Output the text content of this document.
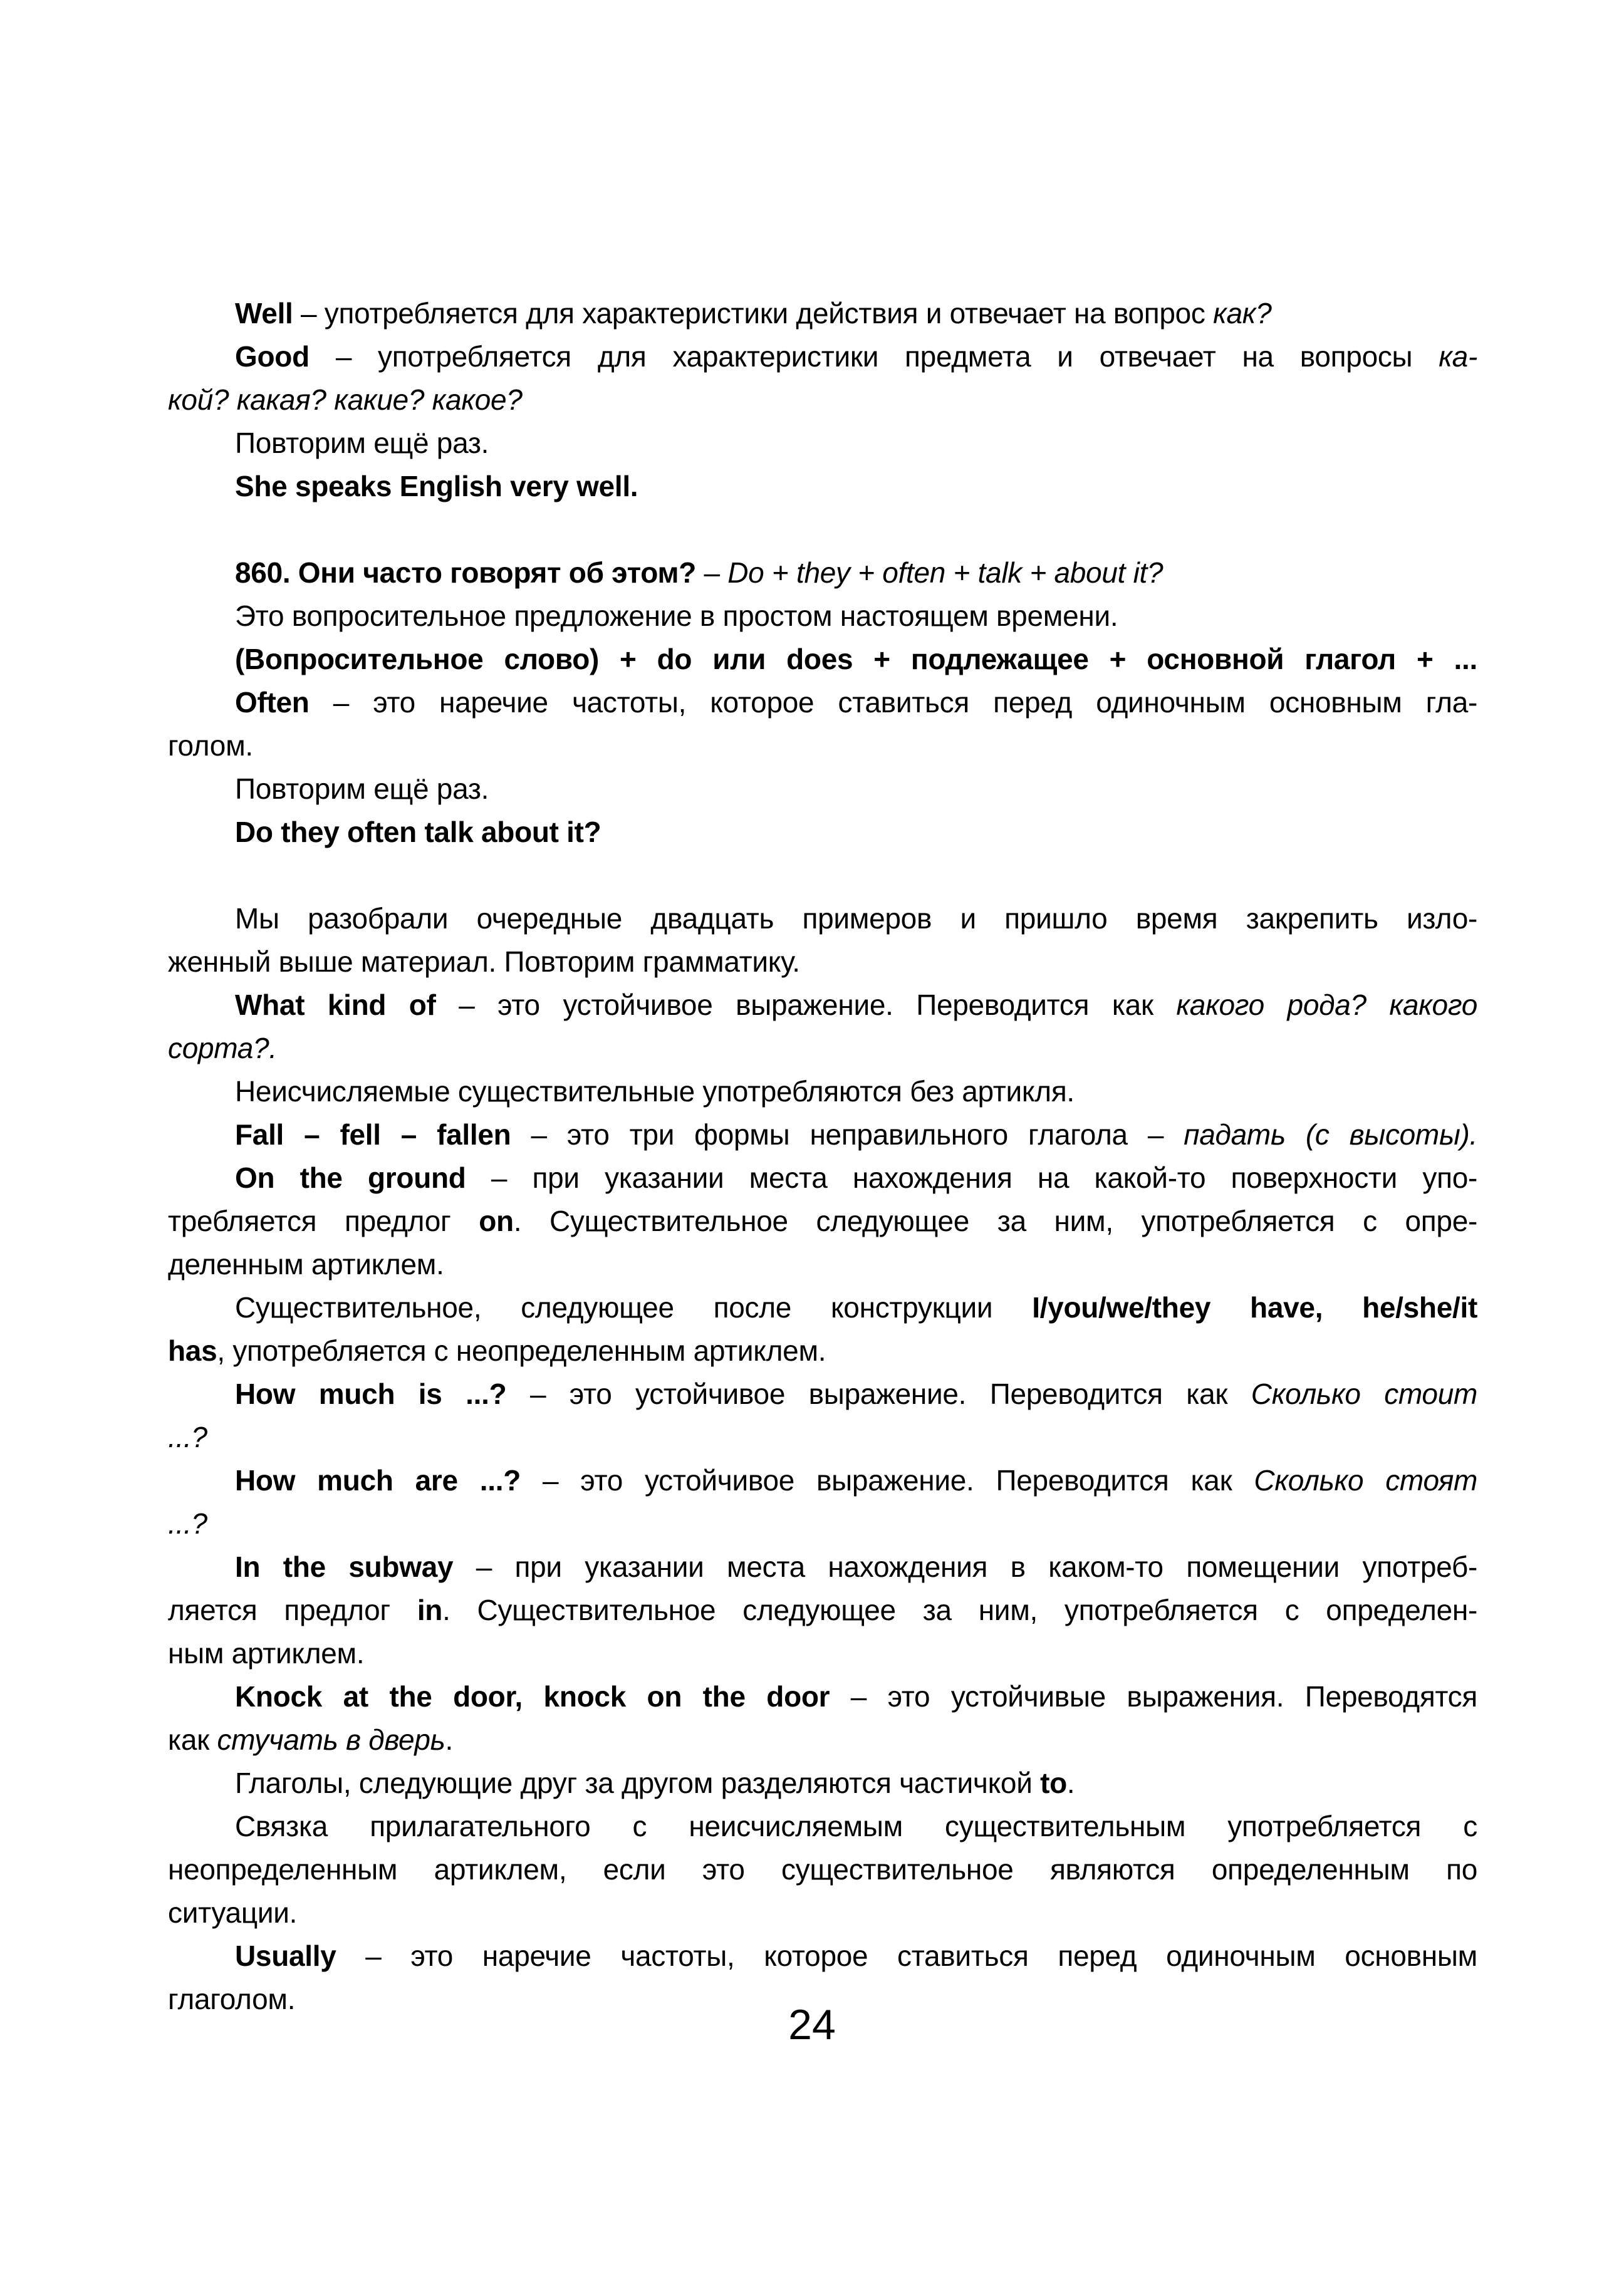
Well – употребляется для характеристики действия и отвечает на вопрос как?
Good – употребляется для характеристики предмета и отвечает на вопросы ка-
кой? какая? какие? какое?
Повторим ещё раз.
She speaks English very well.
860. Они часто говорят об этом? – Do + they + often + talk + about it?
Это вопросительное предложение в простом настоящем времени.
(Вопросительное слово) + do или does + подлежащее + основной глагол + ...
Often – это наречие частоты, которое ставиться перед одиночным основным гла-
голом.
Повторим ещё раз.
Do they often talk about it?
Мы разобрали очередные двадцать примеров и пришло время закрепить изло-
женный выше материал. Повторим грамматику.
What kind of – это устойчивое выражение. Переводится как какого рода? какого
сорта?.
Неисчисляемые существительные употребляются без артикля.
Fall – fell – fallen – это три формы неправильного глагола – падать (с высоты).
On the ground – при указании места нахождения на какой-то поверхности упо-
требляется предлог on. Существительное следующее за ним, употребляется с опре-
деленным артиклем.
Существительное, следующее после конструкции I/you/we/they have, he/she/it
has, употребляется с неопределенным артиклем.
How much is ...? – это устойчивое выражение. Переводится как Сколько стоит
...?
How much are ...? – это устойчивое выражение. Переводится как Сколько стоят
...?
In the subway – при указании места нахождения в каком-то помещении употреб-
ляется предлог in. Существительное следующее за ним, употребляется с определен-
ным артиклем.
Knock at the door, knock on the door – это устойчивые выражения. Переводятся
как стучать в дверь.
Глаголы, следующие друг за другом разделяются частичкой to.
Связка прилагательного с неисчисляемым существительным употребляется с
неопределенным артиклем, если это существительное являются определенным по
ситуации.
Usually – это наречие частоты, которое ставиться перед одиночным основным
глаголом.
24
